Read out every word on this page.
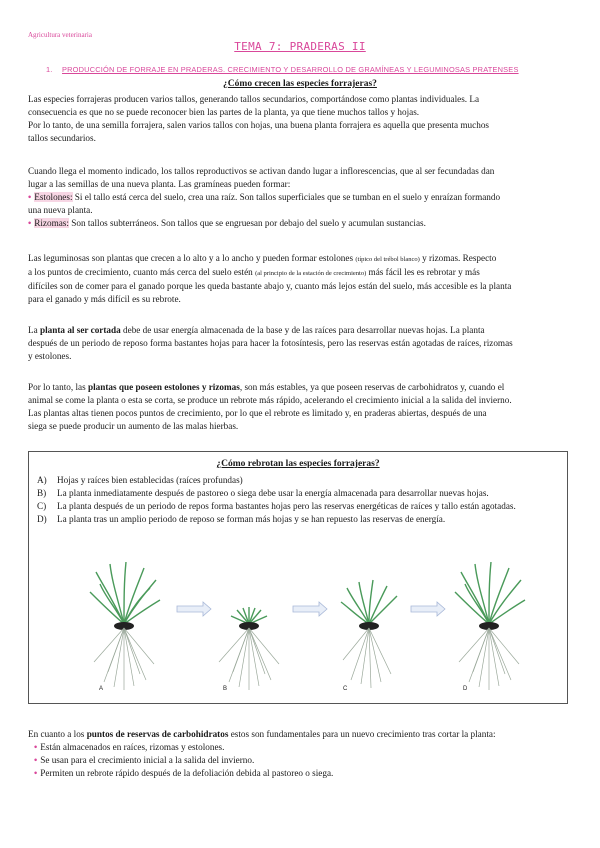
Agricultura veterinaria
TEMA 7: PRADERAS II
1. PRODUCCIÓN DE FORRAJE EN PRADERAS. CRECIMIENTO Y DESARROLLO DE GRAMÍNEAS Y LEGUMINOSAS PRATENSES
¿Cómo crecen las especies forrajeras?

Las especies forrajeras producen varios tallos, generando tallos secundarios, comportándose como plantas individuales. La

consecuencia es que no se puede reconocer bien las partes de la planta, ya que tiene muchos tallos y hojas.

Por lo tanto, de una semilla forrajera, salen varios tallos con hojas, una buena planta forrajera es aquella que presenta muchos

tallos secundarios.

Cuando llega el momento indicado, los tallos reproductivos se activan dando lugar a inflorescencias, que al ser fecundadas dan

lugar a las semillas de una nueva planta. Las gramíneas pueden formar:

• Estolones: Si el tallo está cerca del suelo, crea una raíz. Son tallos superficiales que se tumban en el suelo y enraízan formando

una nueva planta.

• Rizomas: Son tallos subterráneos. Son tallos que se engruesan por debajo del suelo y acumulan sustancias.

Las leguminosas son plantas que crecen a lo alto y a lo ancho y pueden formar estolones (típico del trébol blanco) y rizomas. Respecto

a los puntos de crecimiento, cuanto más cerca del suelo estén (al principio de la estación de crecimiento) más fácil les es rebrotar y más

difíciles son de comer para el ganado porque les queda bastante abajo y, cuanto más lejos están del suelo, más accesible es la planta

para el ganado y más difícil es su rebrote.

La planta al ser cortada debe de usar energía almacenada de la base y de las raíces para desarrollar nuevas hojas. La planta

después de un periodo de reposo forma bastantes hojas para hacer la fotosíntesis, pero las reservas están agotadas de raíces, rizomas

y estolones.

Por lo tanto, las plantas que poseen estolones y rizomas, son más estables, ya que poseen reservas de carbohidratos y, cuando el

animal se come la planta o esta se corta, se produce un rebrote más rápido, acelerando el crecimiento inicial a la salida del invierno.

Las plantas altas tienen pocos puntos de crecimiento, por lo que el rebrote es limitado y, en praderas abiertas, después de una

siega se puede producir un aumento de las malas hierbas.

¿Cómo rebrotan las especies forrajeras?
A)	Hojas y raíces bien establecidas (raíces profundas)
B)	La planta inmediatamente después de pastoreo o siega debe usar la energía almacenada para desarrollar nuevas hojas.
C)	La planta después de un periodo de repos forma bastantes hojas pero las reservas energéticas de raíces y tallo están agotadas.
D)	La planta tras un amplio periodo de reposo se forman más hojas y se han repuesto las reservas de energía.
A	B	C	D

En cuanto a los puntos de reservas de carbohidratos estos son fundamentales para un nuevo crecimiento tras cortar la planta:

• Están almacenados en raíces, rizomas y estolones.
• Se usan para el crecimiento inicial a la salida del invierno.
• Permiten un rebrote rápido después de la defoliación debida al pastoreo o siega.
